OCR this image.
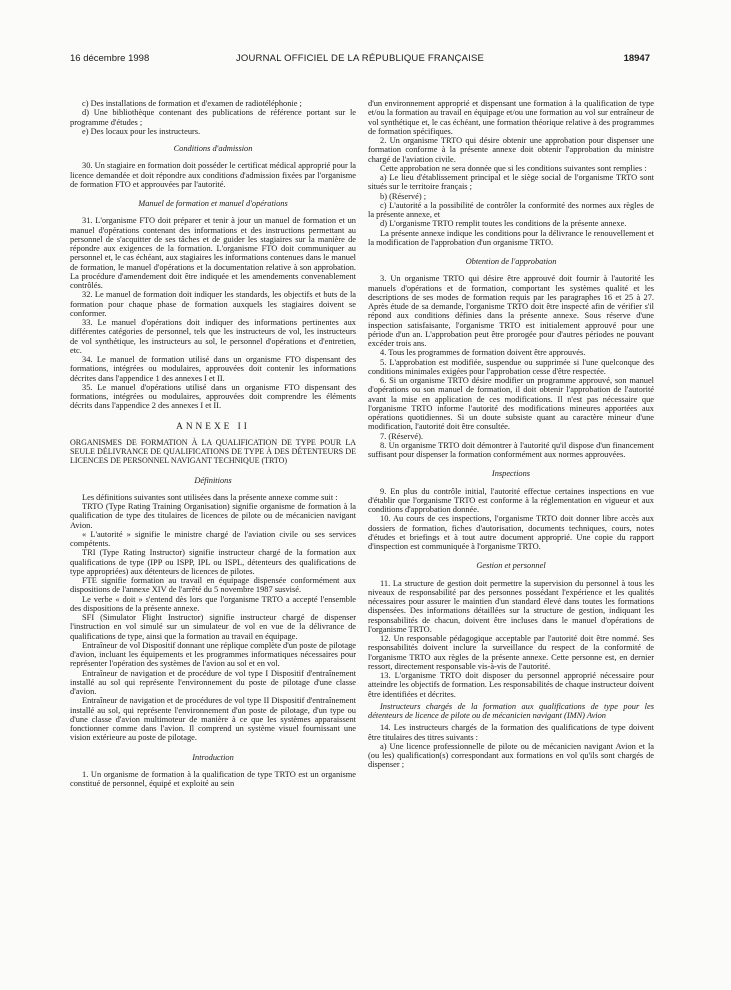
16 décembre 1998	JOURNAL OFFICIEL DE LA RÉPUBLIQUE FRANÇAISE	18947

c) Des installations de formation et d'examen de radiotéléphonie ;

d) Une bibliothèque contenant des publications de référence portant sur le programme d'études ;

e) Des locaux pour les instructeurs.

Conditions d'admission

30. Un stagiaire en formation doit posséder le certificat médical approprié pour la licence demandée et doit répondre aux conditions d'admission fixées par l'organisme de formation FTO et approuvées par l'autorité.

Manuel de formation et manuel d'opérations

31. L'organisme FTO doit préparer et tenir à jour un manuel de formation et un manuel d'opérations contenant des informations et des instructions permettant au personnel de s'acquitter de ses tâches et de guider les stagiaires sur la manière de répondre aux exigences de la formation. L'organisme FTO doit communiquer au personnel et, le cas échéant, aux stagiaires les informations contenues dans le manuel de formation, le manuel d'opérations et la documentation relative à son approbation. La procédure d'amendement doit être indiquée et les amendements convenablement contrôlés.

32. Le manuel de formation doit indiquer les standards, les objectifs et buts de la formation pour chaque phase de formation auxquels les stagiaires doivent se conformer.

33. Le manuel d'opérations doit indiquer des informations pertinentes aux différentes catégories de personnel, tels que les instructeurs de vol, les instructeurs de vol synthétique, les instructeurs au sol, le personnel d'opérations et d'entretien, etc.

34. Le manuel de formation utilisé dans un organisme FTO dispensant des formations, intégrées ou modulaires, approuvées doit contenir les informations décrites dans l'appendice 1 des annexes I et II.

35. Le manuel d'opérations utilisé dans un organisme FTO dispensant des formations, intégrées ou modulaires, approuvées doit comprendre les éléments décrits dans l'appendice 2 des annexes I et II.

ANNEXE II

ORGANISMES DE FORMATION À LA QUALIFICATION DE TYPE POUR LA SEULE DÉLIVRANCE DE QUALIFICATIONS DE TYPE À DES DÉTENTEURS DE LICENCES DE PERSONNEL NAVIGANT TECHNIQUE (TRTO)

Définitions

Les définitions suivantes sont utilisées dans la présente annexe comme suit :

TRTO (Type Rating Training Organisation) signifie organisme de formation à la qualification de type des titulaires de licences de pilote ou de mécanicien navigant Avion.

« L'autorité » signifie le ministre chargé de l'aviation civile ou ses services compétents.

TRI (Type Rating Instructor) signifie instructeur chargé de la formation aux qualifications de type (IPP ou ISPP, IPL ou ISPL, détenteurs des qualifications de type appropriées) aux détenteurs de licences de pilotes.

FTE signifie formation au travail en équipage dispensée conformément aux dispositions de l'annexe XIV de l'arrêté du 5 novembre 1987 susvisé.

Le verbe « doit » s'entend dès lors que l'organisme TRTO a accepté l'ensemble des dispositions de la présente annexe.

SFI (Simulator Flight Instructor) signifie instructeur chargé de dispenser l'instruction en vol simulé sur un simulateur de vol en vue de la délivrance de qualifications de type, ainsi que la formation au travail en équipage.

Entraîneur de vol Dispositif donnant une réplique complète d'un poste de pilotage d'avion, incluant les équipements et les programmes informatiques nécessaires pour représenter l'opération des systèmes de l'avion au sol et en vol.

Entraîneur de navigation et de procédure de vol type I Dispositif d'entraînement installé au sol qui représente l'environnement du poste de pilotage d'une classe d'avion.

Entraîneur de navigation et de procédures de vol type II Dispositif d'entraînement installé au sol, qui représente l'environnement d'un poste de pilotage, d'un type ou d'une classe d'avion multimoteur de manière à ce que les systèmes apparaissent fonctionner comme dans l'avion. Il comprend un système visuel fournissant une vision extérieure au poste de pilotage.

Introduction

1. Un organisme de formation à la qualification de type TRTO est un organisme constitué de personnel, équipé et exploité au sein

d'un environnement approprié et dispensant une formation à la qualification de type et/ou la formation au travail en équipage et/ou une formation au vol sur entraîneur de vol synthétique et, le cas échéant, une formation théorique relative à des programmes de formation spécifiques.

2. Un organisme TRTO qui désire obtenir une approbation pour dispenser une formation conforme à la présente annexe doit obtenir l'approbation du ministre chargé de l'aviation civile.

Cette approbation ne sera donnée que si les conditions suivantes sont remplies :

a) Le lieu d'établissement principal et le siège social de l'organisme TRTO sont situés sur le territoire français ;

b) (Réservé) ;

c) L'autorité a la possibilité de contrôler la conformité des normes aux règles de la présente annexe, et

d) L'organisme TRTO remplit toutes les conditions de la présente annexe.

La présente annexe indique les conditions pour la délivrance le renouvellement et la modification de l'approbation d'un organisme TRTO.

Obtention de l'approbation

3. Un organisme TRTO qui désire être approuvé doit fournir à l'autorité les manuels d'opérations et de formation, comportant les systèmes qualité et les descriptions de ses modes de formation requis par les paragraphes 16 et 25 à 27. Après étude de sa demande, l'organisme TRTO doit être inspecté afin de vérifier s'il répond aux conditions définies dans la présente annexe. Sous réserve d'une inspection satisfaisante, l'organisme TRTO est initialement approuvé pour une période d'un an. L'approbation peut être prorogée pour d'autres périodes ne pouvant excéder trois ans.

4. Tous les programmes de formation doivent être approuvés.

5. L'approbation est modifiée, suspendue ou supprimée si l'une quelconque des conditions minimales exigées pour l'approbation cesse d'être respectée.

6. Si un organisme TRTO désire modifier un programme approuvé, son manuel d'opérations ou son manuel de formation, il doit obtenir l'approbation de l'autorité avant la mise en application de ces modifications. Il n'est pas nécessaire que l'organisme TRTO informe l'autorité des modifications mineures apportées aux opérations quotidiennes. Si un doute subsiste quant au caractère mineur d'une modification, l'autorité doit être consultée.

7. (Réservé).

8. Un organisme TRTO doit démontrer à l'autorité qu'il dispose d'un financement suffisant pour dispenser la formation conformément aux normes approuvées.

Inspections

9. En plus du contrôle initial, l'autorité effectue certaines inspections en vue d'établir que l'organisme TRTO est conforme à la réglementation en vigueur et aux conditions d'approbation donnée.

10. Au cours de ces inspections, l'organisme TRTO doit donner libre accès aux dossiers de formation, fiches d'autorisation, documents techniques, cours, notes d'études et briefings et à tout autre document approprié. Une copie du rapport d'inspection est communiquée à l'organisme TRTO.

Gestion et personnel

11. La structure de gestion doit permettre la supervision du personnel à tous les niveaux de responsabilité par des personnes possédant l'expérience et les qualités nécessaires pour assurer le maintien d'un standard élevé dans toutes les formations dispensées. Des informations détaillées sur la structure de gestion, indiquant les responsabilités de chacun, doivent être incluses dans le manuel d'opérations de l'organisme TRTO.

12. Un responsable pédagogique acceptable par l'autorité doit être nommé. Ses responsabilités doivent inclure la surveillance du respect de la conformité de l'organisme TRTO aux règles de la présente annexe. Cette personne est, en dernier ressort, directement responsable vis-à-vis de l'autorité.

13. L'organisme TRTO doit disposer du personnel approprié nécessaire pour atteindre les objectifs de formation. Les responsabilités de chaque instructeur doivent être identifiées et décrites.

Instructeurs chargés de la formation aux qualifications de type pour les détenteurs de licence de pilote ou de mécanicien navigant (IMN) Avion

14. Les instructeurs chargés de la formation des qualifications de type doivent être titulaires des titres suivants :

a) Une licence professionnelle de pilote ou de mécanicien navigant Avion et la (ou les) qualification(s) correspondant aux formations en vol qu'ils sont chargés de dispenser ;
